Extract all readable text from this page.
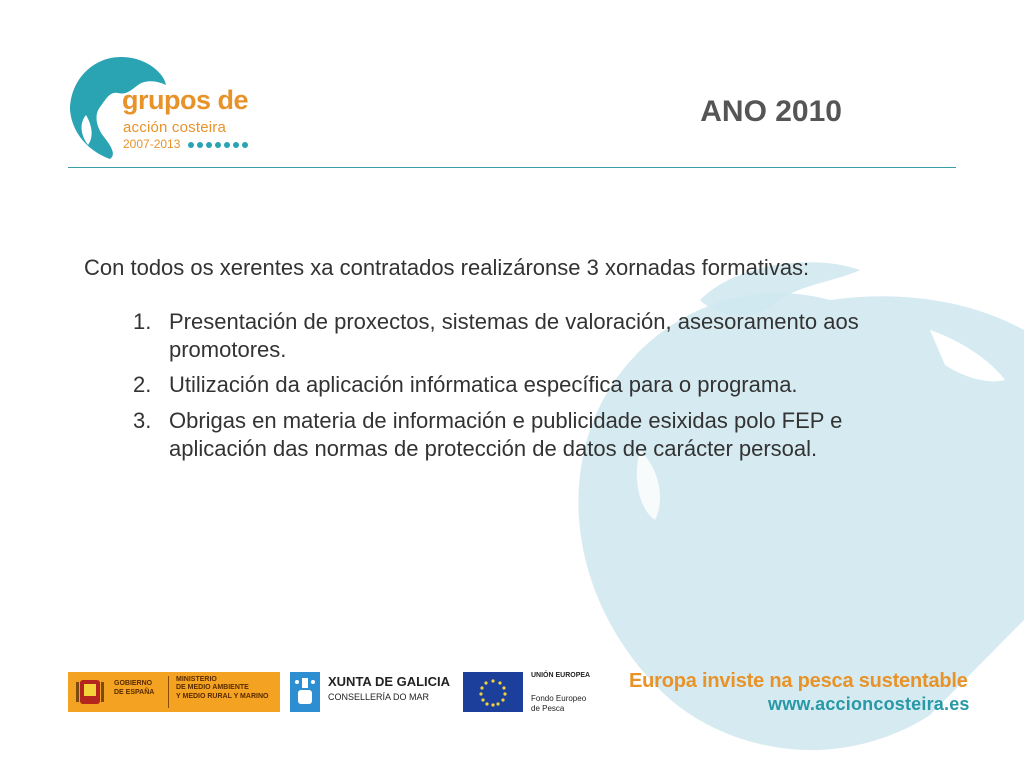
grupos de
acción costeira
2007-2013
ANO 2010

Con todos os xerentes xa contratados realizáronse 3 xornadas formativas:

1. Presentación de proxectos, sistemas de valoración, asesoramento aos promotores.
2. Utilización da aplicación infórmatica específica para o programa.
3. Obrigas en materia de información e publicidade esixidas polo FEP e aplicación das normas de protección de datos de carácter persoal.
GOBIERNO
DE ESPAÑA
MINISTERIO
DE MEDIO AMBIENTE
Y MEDIO RURAL Y MARINO
XUNTA DE GALICIA
CONSELLERÍA DO MAR
UNIÓN EUROPEA
Fondo Europeo
de Pesca
Europa inviste na pesca sustentable
www.accioncosteira.es
